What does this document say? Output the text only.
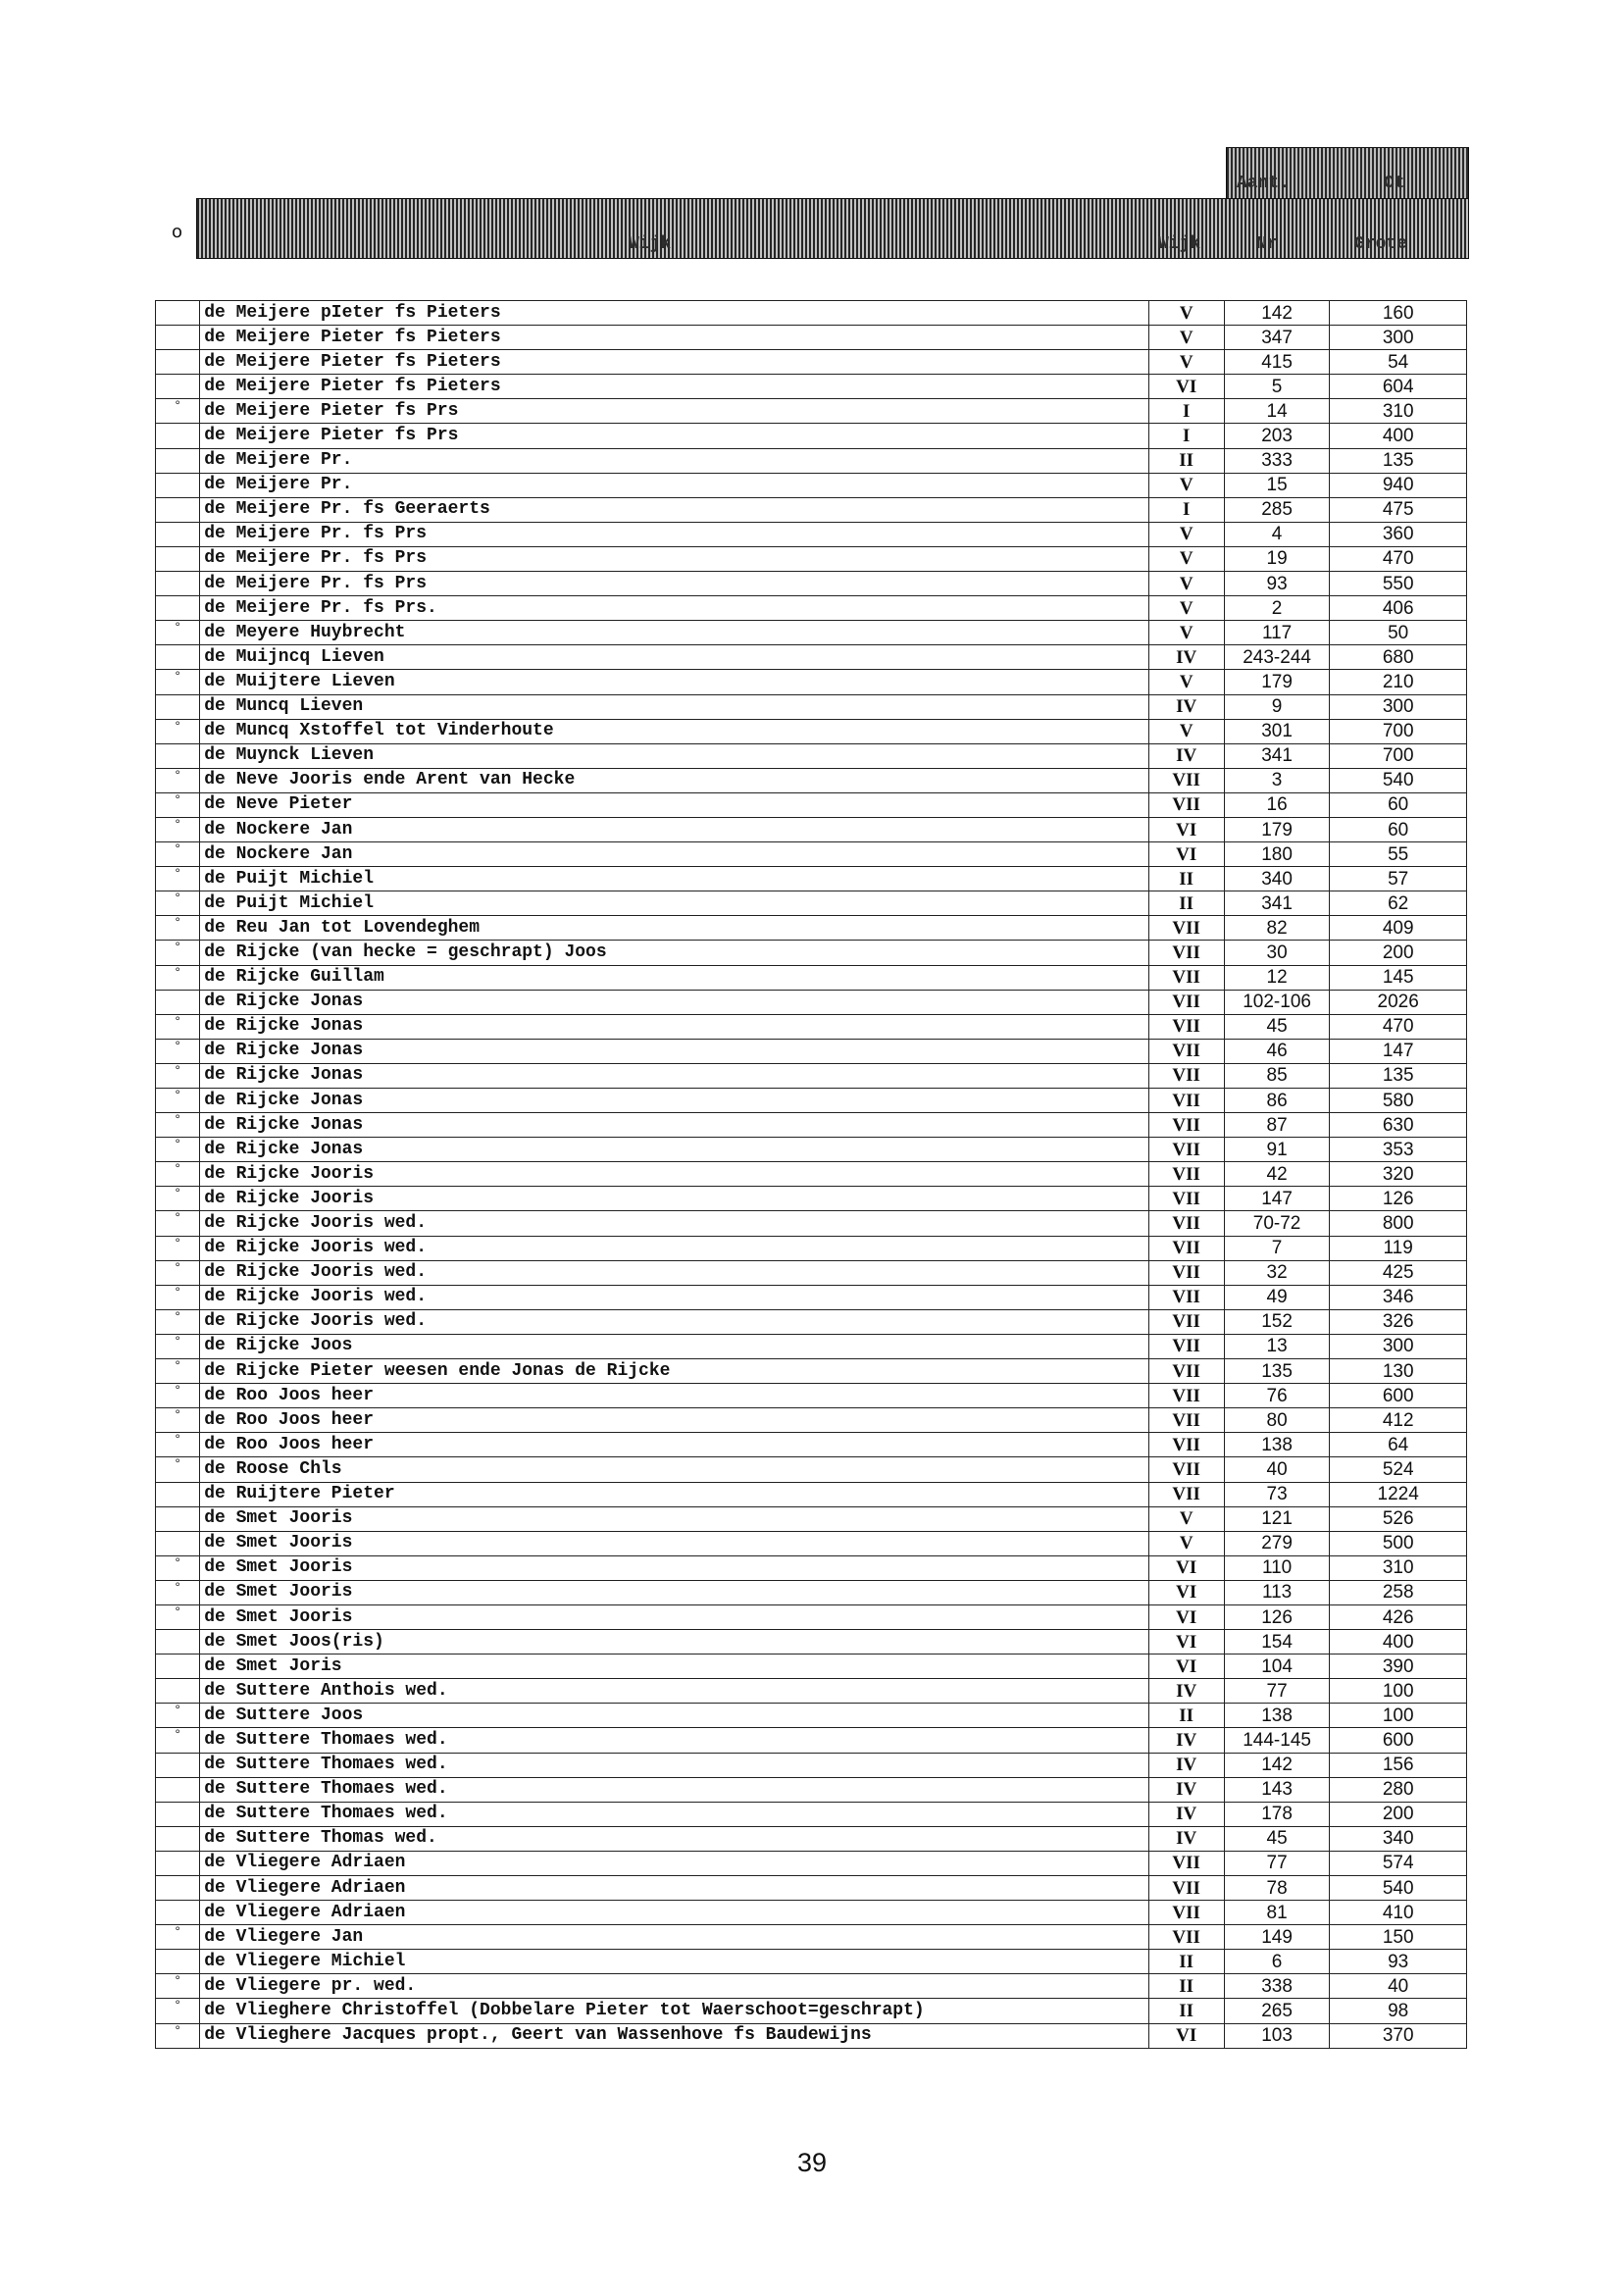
Aant.	Ct
o
Wijk	Wijk	Nr	Grote
	de Meijere pIeter fs Pieters	V	142	160
	de Meijere Pieter fs Pieters	V	347	300
	de Meijere Pieter fs Pieters	V	415	54
	de Meijere Pieter fs Pieters	VI	5	604
°	de Meijere Pieter fs Prs	I	14	310
	de Meijere Pieter fs Prs	I	203	400
	de Meijere Pr.	II	333	135
	de Meijere Pr.	V	15	940
	de Meijere Pr. fs Geeraerts	I	285	475
	de Meijere Pr. fs Prs	V	4	360
	de Meijere Pr. fs Prs	V	19	470
	de Meijere Pr. fs Prs	V	93	550
	de Meijere Pr. fs Prs.	V	2	406
°	de Meyere Huybrecht	V	117	50
	de Muijncq Lieven	IV	243-244	680
°	de Muijtere Lieven	V	179	210
	de Muncq Lieven	IV	9	300
°	de Muncq Xstoffel tot Vinderhoute	V	301	700
	de Muynck Lieven	IV	341	700
°	de Neve Jooris ende Arent van Hecke	VII	3	540
°	de Neve Pieter	VII	16	60
°	de Nockere Jan	VI	179	60
°	de Nockere Jan	VI	180	55
°	de Puijt Michiel	II	340	57
°	de Puijt Michiel	II	341	62
°	de Reu Jan tot Lovendeghem	VII	82	409
°	de Rijcke (van hecke = geschrapt) Joos	VII	30	200
°	de Rijcke Guillam	VII	12	145
	de Rijcke Jonas	VII	102-106	2026
°	de Rijcke Jonas	VII	45	470
°	de Rijcke Jonas	VII	46	147
°	de Rijcke Jonas	VII	85	135
°	de Rijcke Jonas	VII	86	580
°	de Rijcke Jonas	VII	87	630
°	de Rijcke Jonas	VII	91	353
°	de Rijcke Jooris	VII	42	320
°	de Rijcke Jooris	VII	147	126
°	de Rijcke Jooris wed.	VII	70-72	800
°	de Rijcke Jooris wed.	VII	7	119
°	de Rijcke Jooris wed.	VII	32	425
°	de Rijcke Jooris wed.	VII	49	346
°	de Rijcke Jooris wed.	VII	152	326
°	de Rijcke Joos	VII	13	300
°	de Rijcke Pieter weesen ende Jonas de Rijcke	VII	135	130
°	de Roo Joos heer	VII	76	600
°	de Roo Joos heer	VII	80	412
°	de Roo Joos heer	VII	138	64
°	de Roose Chls	VII	40	524
	de Ruijtere Pieter	VII	73	1224
	de Smet Jooris	V	121	526
	de Smet Jooris	V	279	500
°	de Smet Jooris	VI	110	310
°	de Smet Jooris	VI	113	258
°	de Smet Jooris	VI	126	426
	de Smet Joos(ris)	VI	154	400
	de Smet Joris	VI	104	390
	de Suttere Anthois wed.	IV	77	100
°	de Suttere Joos	II	138	100
°	de Suttere Thomaes wed.	IV	144-145	600
	de Suttere Thomaes wed.	IV	142	156
	de Suttere Thomaes wed.	IV	143	280
	de Suttere Thomaes wed.	IV	178	200
	de Suttere Thomas wed.	IV	45	340
	de Vliegere Adriaen	VII	77	574
	de Vliegere Adriaen	VII	78	540
	de Vliegere Adriaen	VII	81	410
°	de Vliegere Jan	VII	149	150
	de Vliegere Michiel	II	6	93
°	de Vliegere pr. wed.	II	338	40
°	de Vlieghere Christoffel (Dobbelare Pieter tot Waerschoot=geschrapt)	II	265	98
°	de Vlieghere Jacques propt., Geert van Wassenhove fs Baudewijns	VI	103	370
39
